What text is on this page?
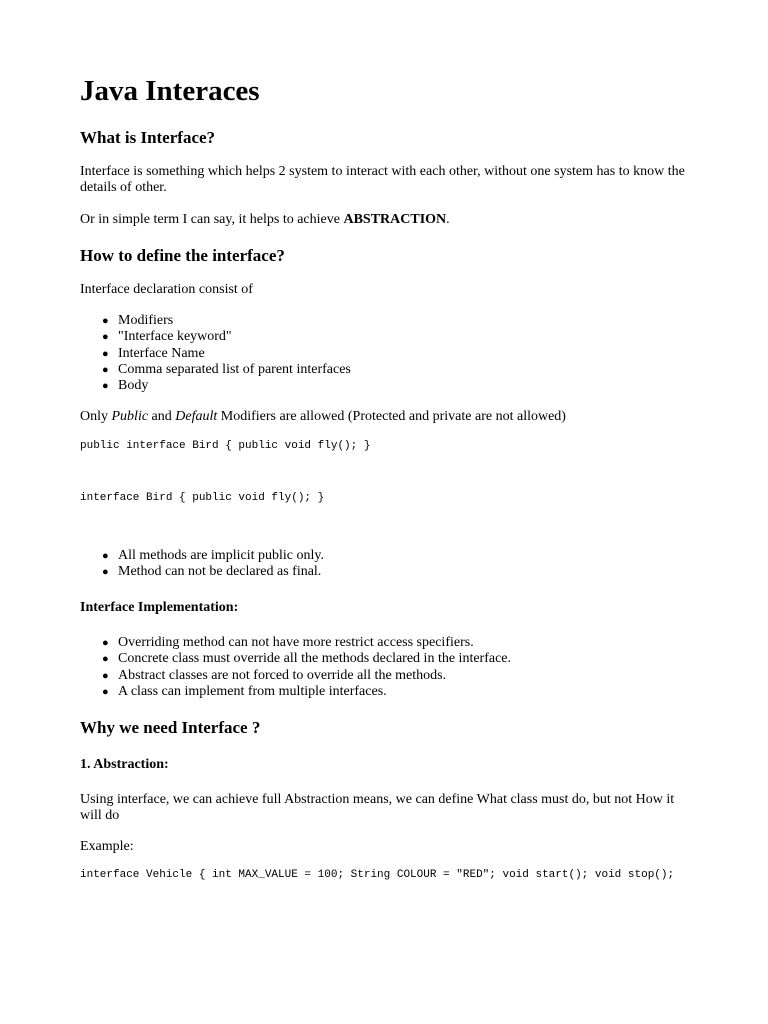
Java Interaces
What is Interface?

Interface is something which helps 2 system to interact with each other, without one system has to know the details of other.

Or in simple term I can say, it helps to achieve ABSTRACTION.

How to define the interface?

Interface declaration consist of

● Modifiers
● "Interface keyword"
● Interface Name
● Comma separated list of parent interfaces
● Body

Only Public and Default Modifiers are allowed (Protected and private are not allowed)

public interface Bird { public void fly(); }
interface Bird { public void fly(); }
● All methods are implicit public only.
● Method can not be declared as final.
Interface Implementation:
● Overriding method can not have more restrict access specifiers.
● Concrete class must override all the methods declared in the interface.
● Abstract classes are not forced to override all the methods.
● A class can implement from multiple interfaces.
Why we need Interface ?
1. Abstraction:

Using interface, we can achieve full Abstraction means, we can define What class must do, but not How it will do

Example:

interface Vehicle { int MAX_VALUE = 100; String COLOUR = "RED"; void start(); void stop();
